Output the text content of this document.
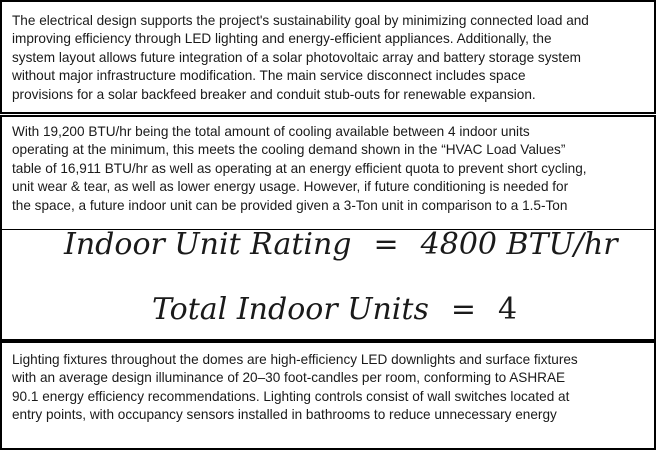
The electrical design supports the project's sustainability goal by minimizing connected load and
improving efficiency through LED lighting and energy-efficient appliances. Additionally, the
system layout allows future integration of a solar photovoltaic array and battery storage system
without major infrastructure modification. The main service disconnect includes space
provisions for a solar backfeed breaker and conduit stub-outs for renewable expansion.

With 19,200 BTU/hr being the total amount of cooling available between 4 indoor units
operating at the minimum, this meets the cooling demand shown in the “HVAC Load Values”
table of 16,911 BTU/hr as well as operating at an energy efficient quota to prevent short cycling,
unit wear & tear, as well as lower energy usage. However, if future conditioning is needed for
the space, a future indoor unit can be provided given a 3-Ton unit in comparison to a 1.5-Ton

Indoor Unit Rating = 4800 BTU/hr
Total Indoor Units = 4

Lighting fixtures throughout the domes are high-efficiency LED downlights and surface fixtures
with an average design illuminance of 20–30 foot-candles per room, conforming to ASHRAE
90.1 energy efficiency recommendations. Lighting controls consist of wall switches located at
entry points, with occupancy sensors installed in bathrooms to reduce unnecessary energy
